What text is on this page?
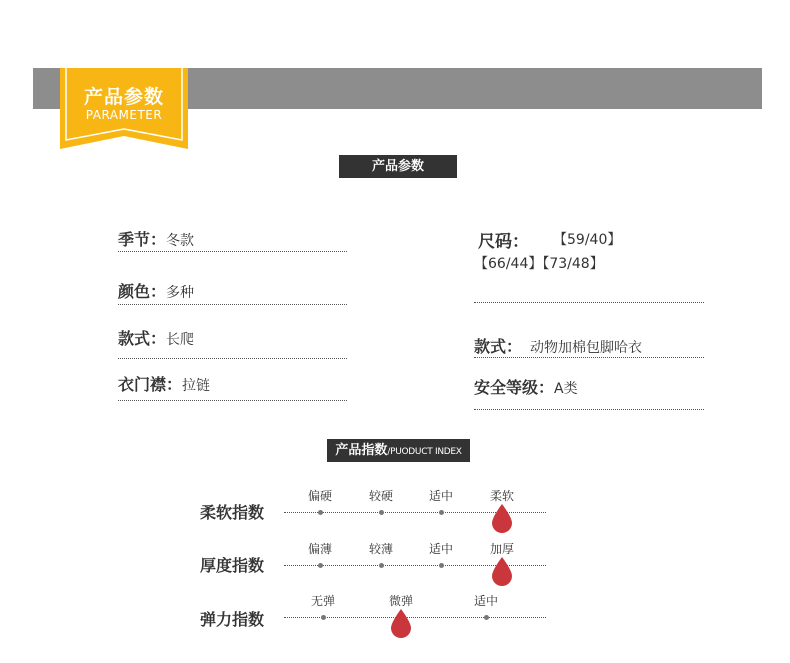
产品参数
PARAMETER
产品参数
季节：冬款
颜色：多种
款式：长爬
衣门襟：拉链
尺码： 【59/40】
【66/44】【73/48】
款式： 动物加棉包脚哈衣
安全等级：A类
产品指数/PUODUCT INDEX
柔软指数
偏硬	较硬	适中	柔软
厚度指数
偏薄	较薄	适中	加厚
弹力指数
无弹	微弹	适中
